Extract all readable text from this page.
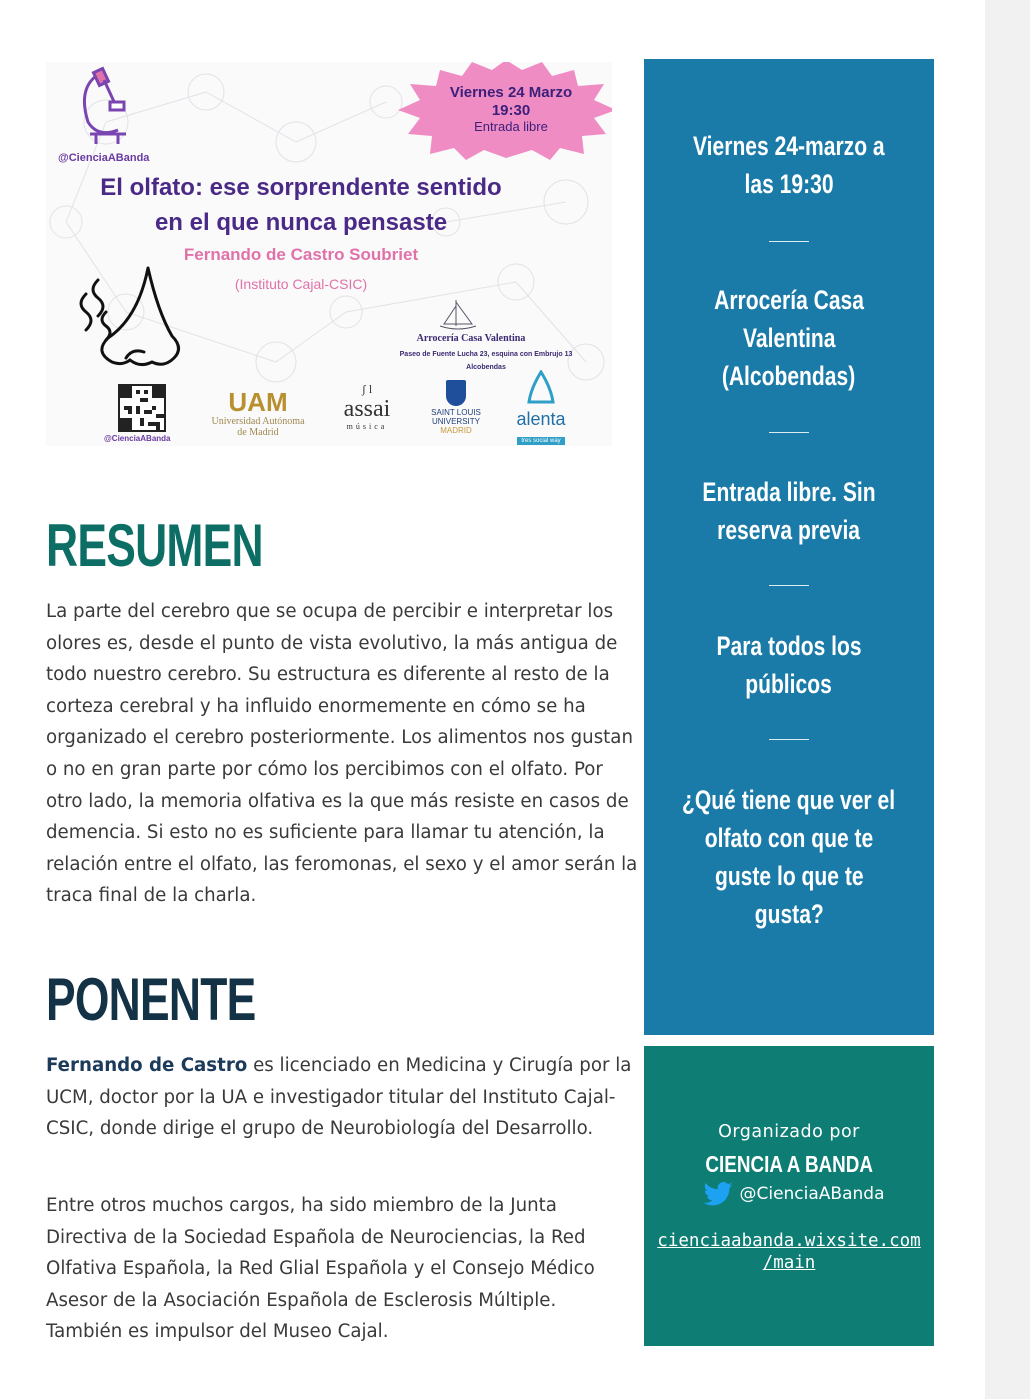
@CienciaABanda
Viernes 24 Marzo
19:30
Entrada libre
El olfato: ese sorprendente sentido
en el que nunca pensaste
Fernando de Castro Soubriet
(Instituto Cajal-CSIC)
Arrocería Casa Valentina
Paseo de Fuente Lucha 23, esquina con Embrujo 13
Alcobendas
@CienciaABanda
UAM
Universidad Autónoma
de Madrid
ʃ l
assai
música
SAINT LOUIS
UNIVERSITY
MADRID
alenta
tres social way
RESUMEN

La parte del cerebro que se ocupa de percibir e interpretar los olores es, desde el punto de vista evolutivo, la más antigua de todo nuestro cerebro. Su estructura es diferente al resto de la corteza cerebral y ha influido enormemente en cómo se ha organizado el cerebro posteriormente. Los alimentos nos gustan o no en gran parte por cómo los percibimos con el olfato. Por otro lado, la memoria olfativa es la que más resiste en casos de demencia. Si esto no es suficiente para llamar tu atención, la relación entre el olfato, las feromonas, el sexo y el amor serán la traca final de la charla.

PONENTE

Fernando de Castro es licenciado en Medicina y Cirugía por la UCM, doctor por la UA e investigador titular del Instituto Cajal-CSIC, donde dirige el grupo de Neurobiología del Desarrollo.

Entre otros muchos cargos, ha sido miembro de la Junta Directiva de la Sociedad Española de Neurociencias, la Red Olfativa Española, la Red Glial Española y el Consejo Médico Asesor de la Asociación Española de Esclerosis Múltiple. También es impulsor del Museo Cajal.

Viernes 24-marzo a
las 19:30
Arrocería Casa
Valentina
(Alcobendas)
Entrada libre. Sin
reserva previa
Para todos los
públicos
¿Qué tiene que ver el
olfato con que te
guste lo que te
gusta?
Organizado por
CIENCIA A BANDA
@CienciaABanda
cienciaabanda.wixsite.com
/main
